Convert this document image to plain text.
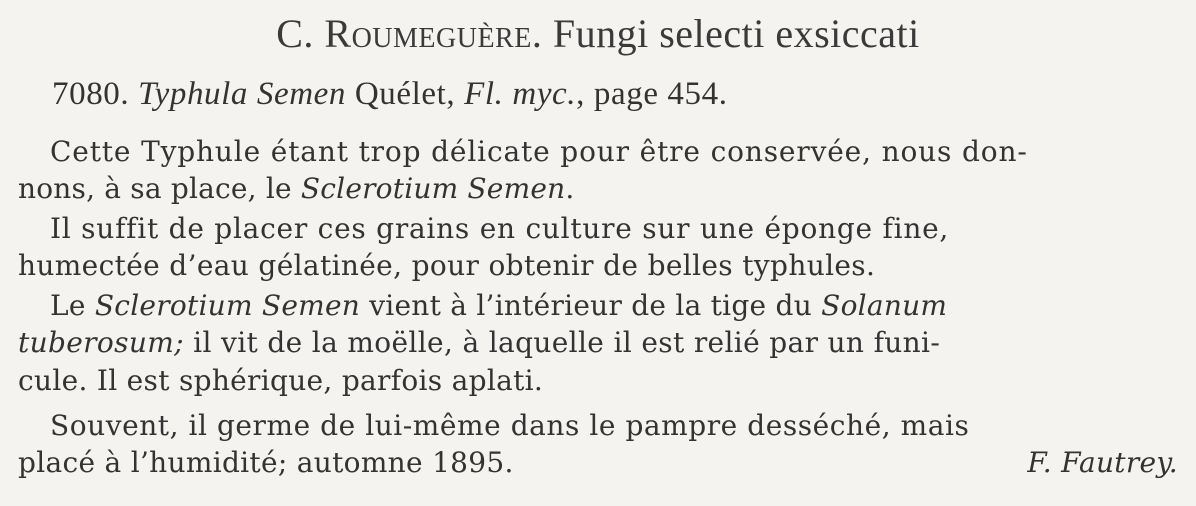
C. Roumeguère. Fungi selecti exsiccati
7080. Typhula Semen Quélet, Fl. myc., page 454.
Cette Typhule étant trop délicate pour être conservée, nous don-
nons, à sa place, le Sclerotium Semen.
Il suffit de placer ces grains en culture sur une éponge fine,
humectée d’eau gélatinée, pour obtenir de belles typhules.
Le Sclerotium Semen vient à l’intérieur de la tige du Solanum
tuberosum; il vit de la moëlle, à laquelle il est relié par un funi-
cule. Il est sphérique, parfois aplati.
Souvent, il germe de lui-même dans le pampre desséché, mais
placé à l’humidité; automne 1895.	F. Fautrey.
